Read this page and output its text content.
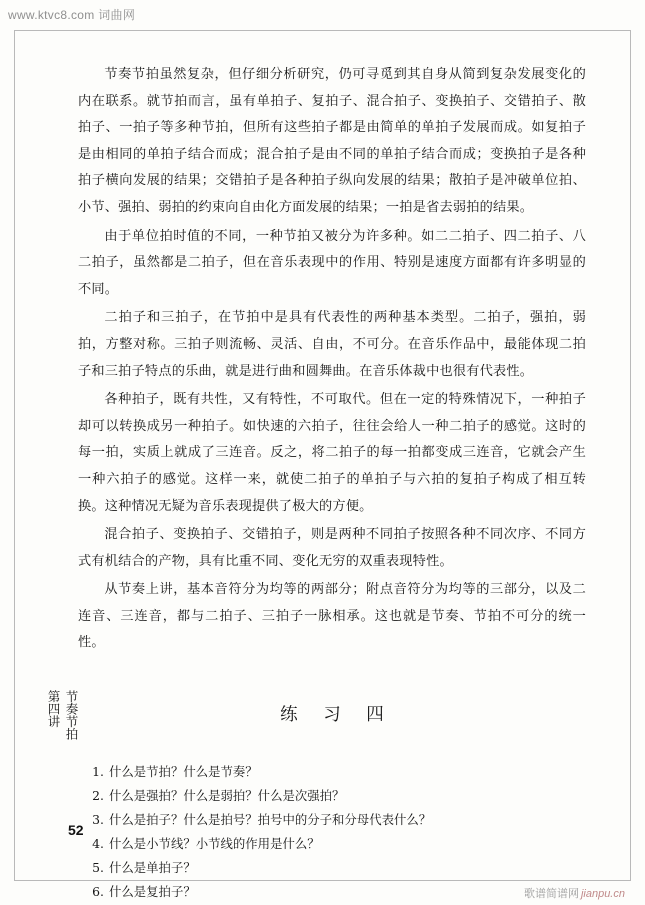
www.ktvc8.com 词曲网
第四讲 节奏节拍

节奏节拍虽然复杂，但仔细分析研究，仍可寻觅到其自身从简到复杂发展变化的内在联系。就节拍而言，虽有单拍子、复拍子、混合拍子、变换拍子、交错拍子、散拍子、一拍子等多种节拍，但所有这些拍子都是由简单的单拍子发展而成。如复拍子是由相同的单拍子结合而成；混合拍子是由不同的单拍子结合而成；变换拍子是各种拍子横向发展的结果；交错拍子是各种拍子纵向发展的结果；散拍子是冲破单位拍、小节、强拍、弱拍的约束向自由化方面发展的结果；一拍是省去弱拍的结果。

由于单位拍时值的不同，一种节拍又被分为许多种。如二二拍子、四二拍子、八二拍子，虽然都是二拍子，但在音乐表现中的作用、特别是速度方面都有许多明显的不同。

二拍子和三拍子，在节拍中是具有代表性的两种基本类型。二拍子，强拍，弱拍，方整对称。三拍子则流畅、灵活、自由，不可分。在音乐作品中，最能体现二拍子和三拍子特点的乐曲，就是进行曲和圆舞曲。在音乐体裁中也很有代表性。

各种拍子，既有共性，又有特性，不可取代。但在一定的特殊情况下，一种拍子却可以转换成另一种拍子。如快速的六拍子，往往会给人一种二拍子的感觉。这时的每一拍，实质上就成了三连音。反之，将二拍子的每一拍都变成三连音，它就会产生一种六拍子的感觉。这样一来，就使二拍子的单拍子与六拍的复拍子构成了相互转换。这种情况无疑为音乐表现提供了极大的方便。

混合拍子、变换拍子、交错拍子，则是两种不同拍子按照各种不同次序、不同方式有机结合的产物，具有比重不同、变化无穷的双重表现特性。

从节奏上讲，基本音符分为均等的两部分；附点音符分为均等的三部分，以及二连音、三连音，都与二拍子、三拍子一脉相承。这也就是节奏、节拍不可分的统一性。

练 习 四
1. 什么是节拍？什么是节奏？
2. 什么是强拍？什么是弱拍？什么是次强拍？
3. 什么是拍子？什么是拍号？拍号中的分子和分母代表什么？
4. 什么是小节线？小节线的作用是什么？
5. 什么是单拍子？
6. 什么是复拍子？
52
歌谱简谱网 jianpu.cn
